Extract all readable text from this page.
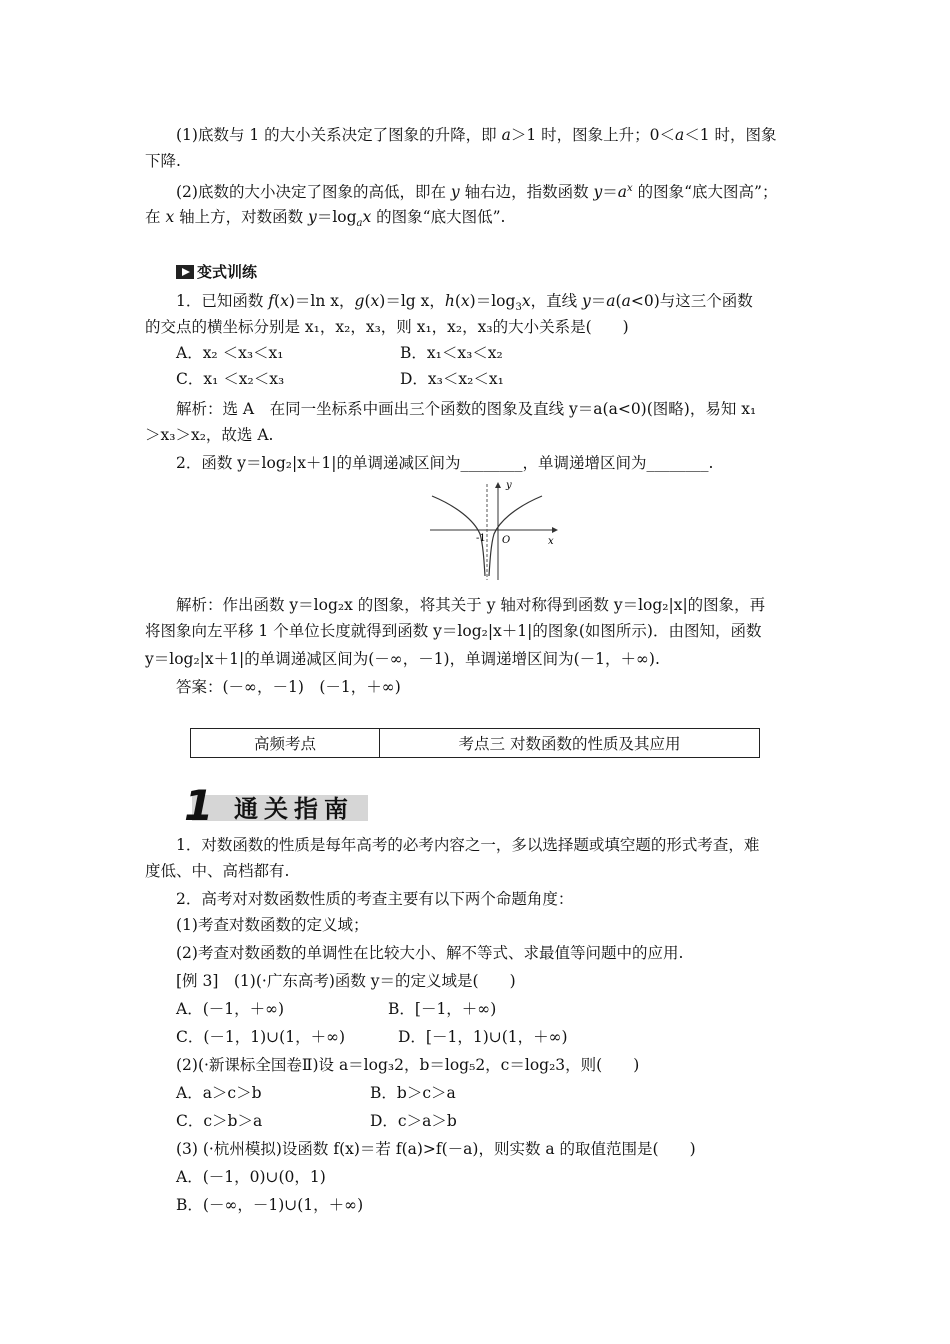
(1)底数与 1 的大小关系决定了图象的升降，即 a＞1 时，图象上升；0＜a＜1 时，图象
下降.
(2)底数的大小决定了图象的高低，即在 y 轴右边，指数函数 $y=a^x$ 的图象“底大图高”；
在 x 轴上方，对数函数 $y=\log_ax$ 的图象“底大图低”.
变式训练
1．已知函数 f(x)＝ln x，g(x)＝lg x，$h(x)=\log_3x$，直线 y＝a(a<0)与这三个函数
的交点的横坐标分别是 x₁，x₂，x₃，则 x₁，x₂，x₃的大小关系是(　　)
A．x₂ ＜x₃＜x₁	B．x₁＜x₃＜x₂
C．x₁ ＜x₂＜x₃	D．x₃＜x₂＜x₁
解析：选 A　在同一坐标系中画出三个函数的图象及直线 y＝a(a<0)(图略)，易知 x₁
＞x₃＞x₂，故选 A.
2．函数 y＝log₂|x＋1|的单调递减区间为________，单调递增区间为________.
y
x
O
-1
解析：作出函数 y＝log₂x 的图象，将其关于 y 轴对称得到函数 y＝log₂|x|的图象，再
将图象向左平移 1 个单位长度就得到函数 y＝log₂|x＋1|的图象(如图所示)．由图知，函数
y＝log₂|x＋1|的单调递减区间为(－∞，－1)，单调递增区间为(－1，＋∞).
答案：(－∞，－1)　(－1，＋∞)
高频考点	考点三 对数函数的性质及其应用
1 通关指南
1．对数函数的性质是每年高考的必考内容之一，多以选择题或填空题的形式考查，难
度低、中、高档都有.
2．高考对对数函数性质的考查主要有以下两个命题角度：
(1)考查对数函数的定义域；
(2)考查对数函数的单调性在比较大小、解不等式、求最值等问题中的应用.
[例 3]　(1)(·广东高考)函数 y＝的定义域是(　　)
A．(－1，＋∞)	B．[－1，＋∞)
C．(－1，1)∪(1，＋∞)	D．[－1，1)∪(1，＋∞)
(2)(·新课标全国卷Ⅱ)设 a＝log₃2，b＝log₅2，c＝log₂3，则(　　)
A．a＞c＞b	B．b＞c＞a
C．c＞b＞a	D．c＞a＞b
(3) (·杭州模拟)设函数 f(x)＝若 f(a)>f(－a)，则实数 a 的取值范围是(　　)
A．(－1，0)∪(0，1)
B．(－∞，－1)∪(1，＋∞)
